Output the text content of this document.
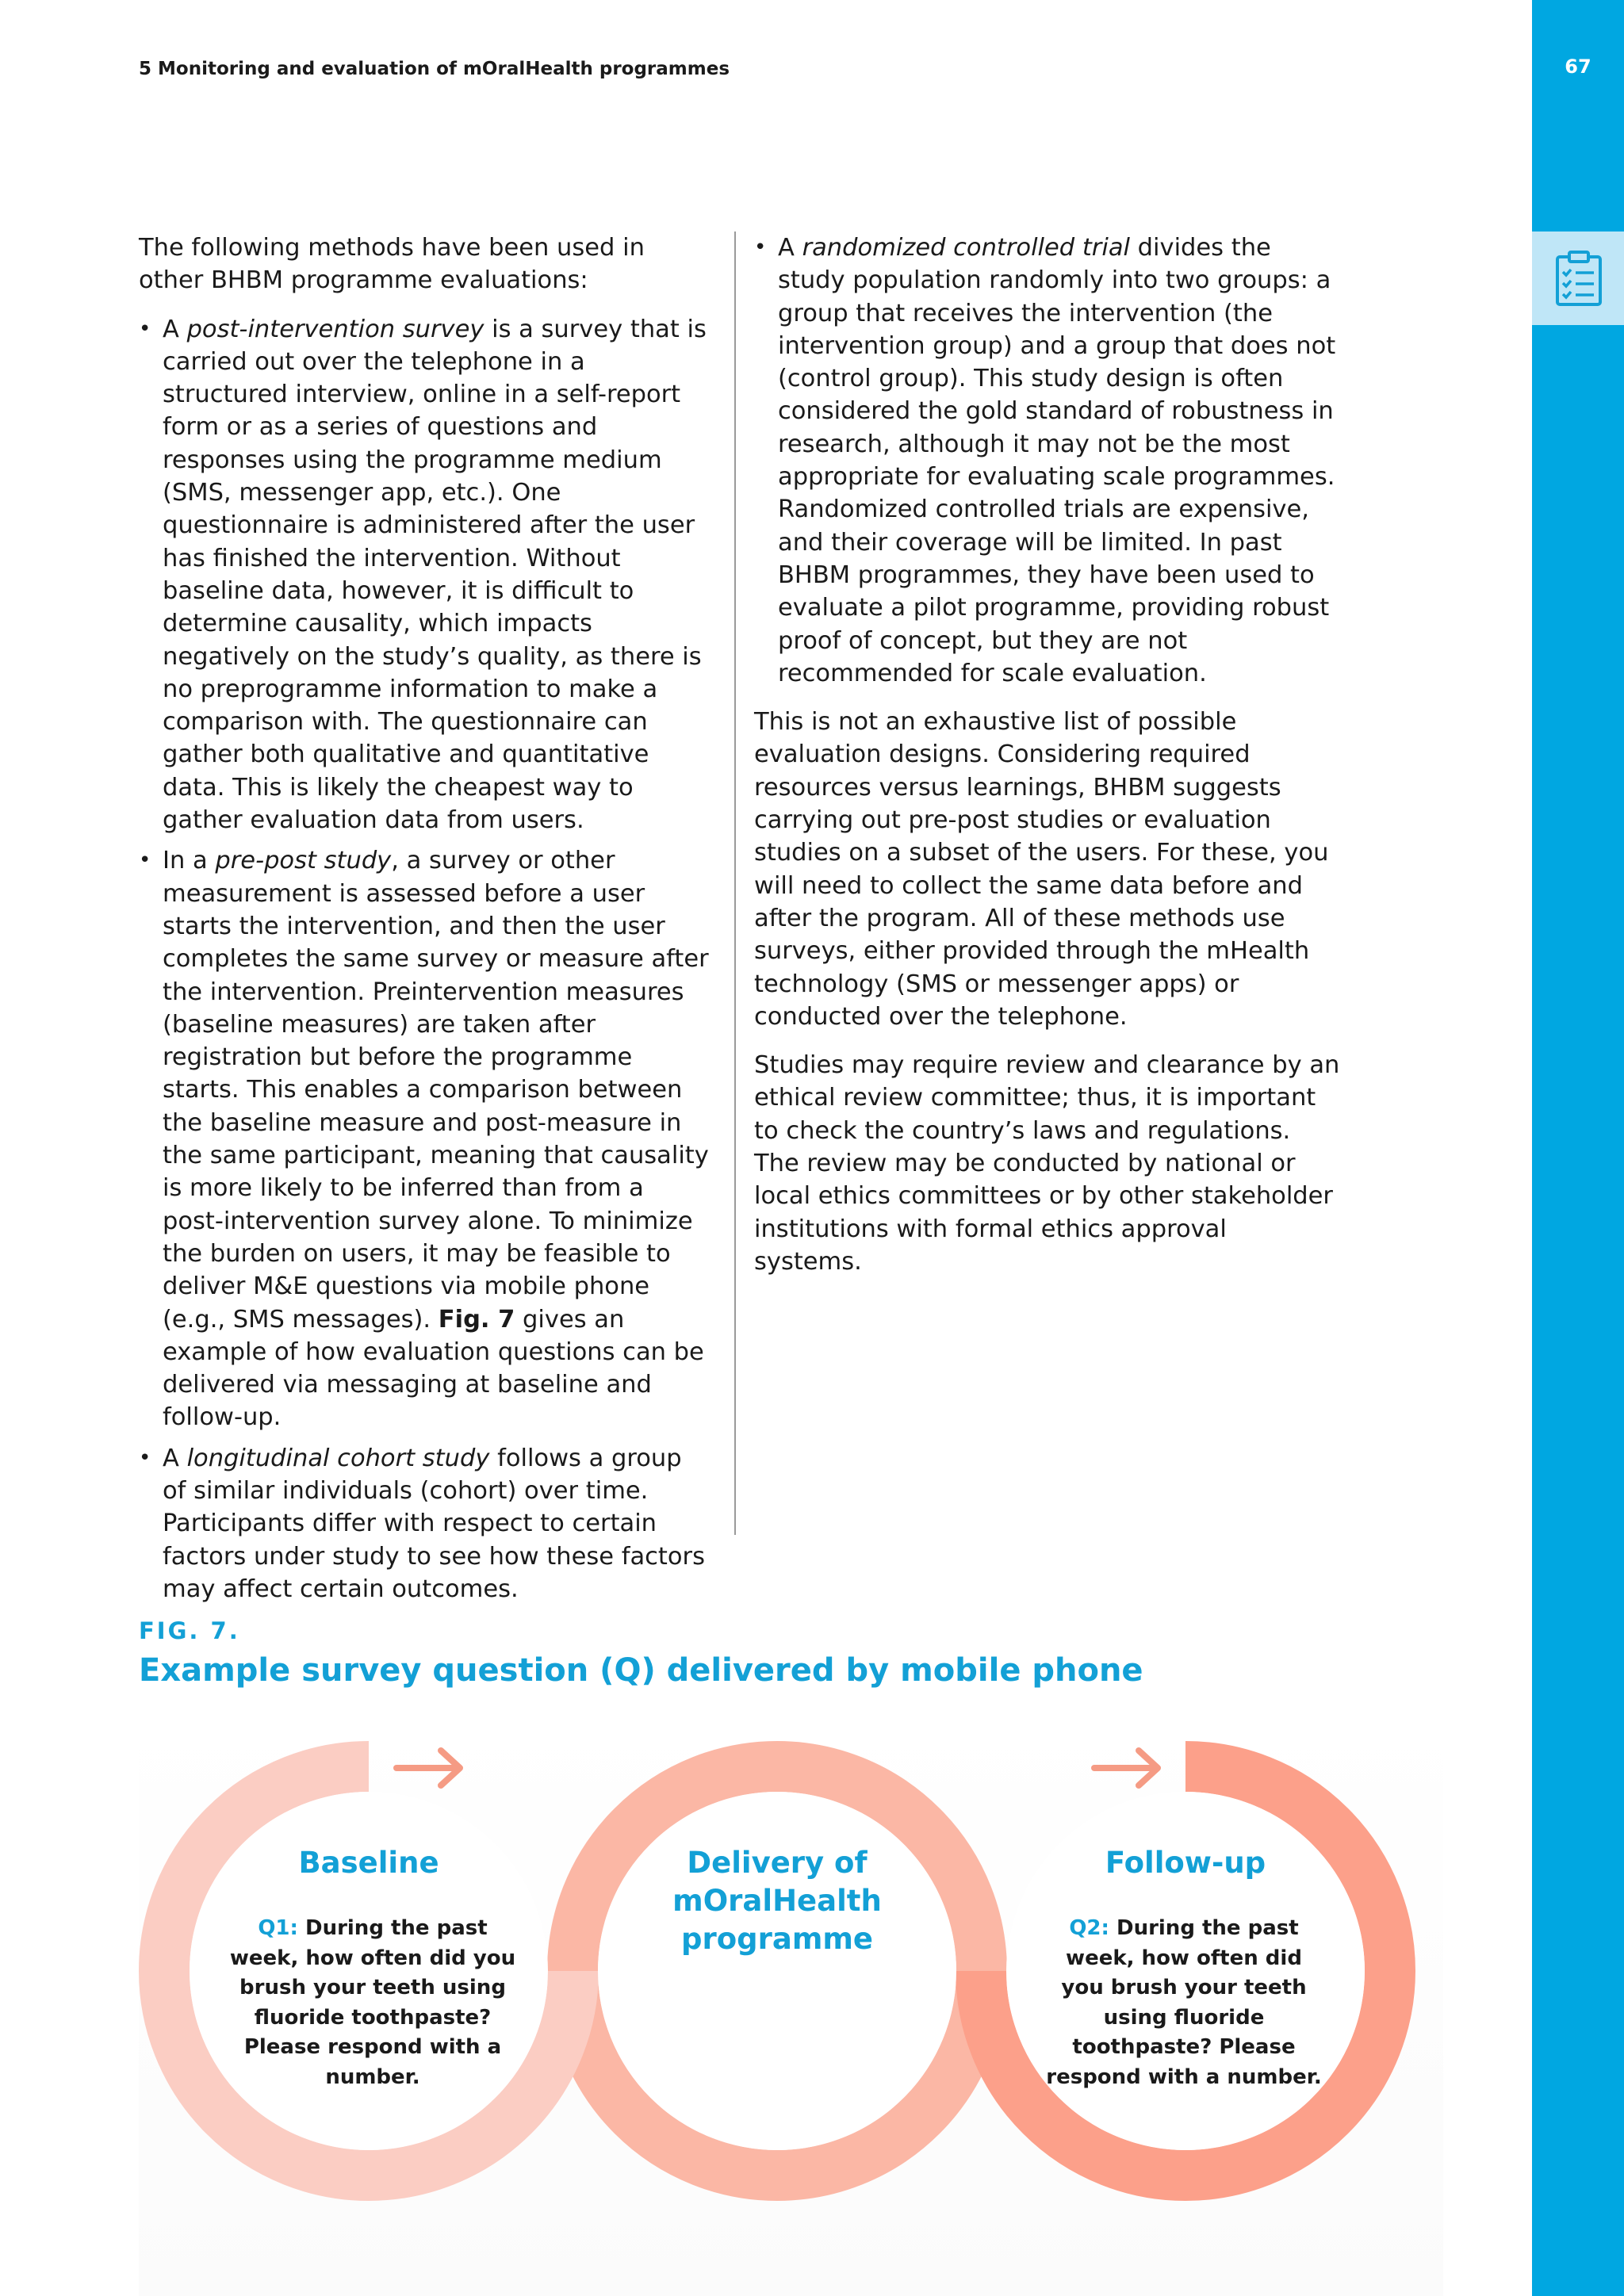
67
5 Monitoring and evaluation of mOralHealth programmes

The following methods have been used in other BHBM programme evaluations:

• A post-intervention survey is a survey that is carried out over the telephone in a structured interview, online in a self-report form or as a series of questions and responses using the programme medium (SMS, messenger app, etc.). One questionnaire is administered after the user has finished the intervention. Without baseline data, however, it is difficult to determine causality, which impacts negatively on the study’s quality, as there is no preprogramme information to make a comparison with. The questionnaire can gather both qualitative and quantitative data. This is likely the cheapest way to gather evaluation data from users.
• In a pre-post study, a survey or other measurement is assessed before a user starts the intervention, and then the user completes the same survey or measure after the intervention. Preintervention measures (baseline measures) are taken after registration but before the programme starts. This enables a comparison between the baseline measure and post-measure in the same participant, meaning that causality is more likely to be inferred than from a post-intervention survey alone. To minimize the burden on users, it may be feasible to deliver M&E questions via mobile phone (e.g., SMS messages). Fig. 7 gives an example of how evaluation questions can be delivered via messaging at baseline and follow-up.
• A longitudinal cohort study follows a group of similar individuals (cohort) over time. Participants differ with respect to certain factors under study to see how these factors may affect certain outcomes.
• A randomized controlled trial divides the study population randomly into two groups: a group that receives the intervention (the intervention group) and a group that does not (control group). This study design is often considered the gold standard of robustness in research, although it may not be the most appropriate for evaluating scale programmes. Randomized controlled trials are expensive, and their coverage will be limited. In past BHBM programmes, they have been used to evaluate a pilot programme, providing robust proof of concept, but they are not recommended for scale evaluation.

This is not an exhaustive list of possible evaluation designs. Considering required resources versus learnings, BHBM suggests carrying out pre-post studies or evaluation studies on a subset of the users. For these, you will need to collect the same data before and after the program. All of these methods use surveys, either provided through the mHealth technology (SMS or messenger apps) or conducted over the telephone.

Studies may require review and clearance by an ethical review committee; thus, it is important to check the country’s laws and regulations. The review may be conducted by national or local ethics committees or by other stakeholder institutions with formal ethics approval systems.

FIG. 7.
Example survey question (Q) delivered by mobile phone
Baseline
Q1: During the past week, how often did you brush your teeth using fluoride toothpaste? Please respond with a number.
Delivery of mOralHealth programme
Follow-up
Q2: During the past week, how often did you brush your teeth using fluoride toothpaste? Please respond with a number.
